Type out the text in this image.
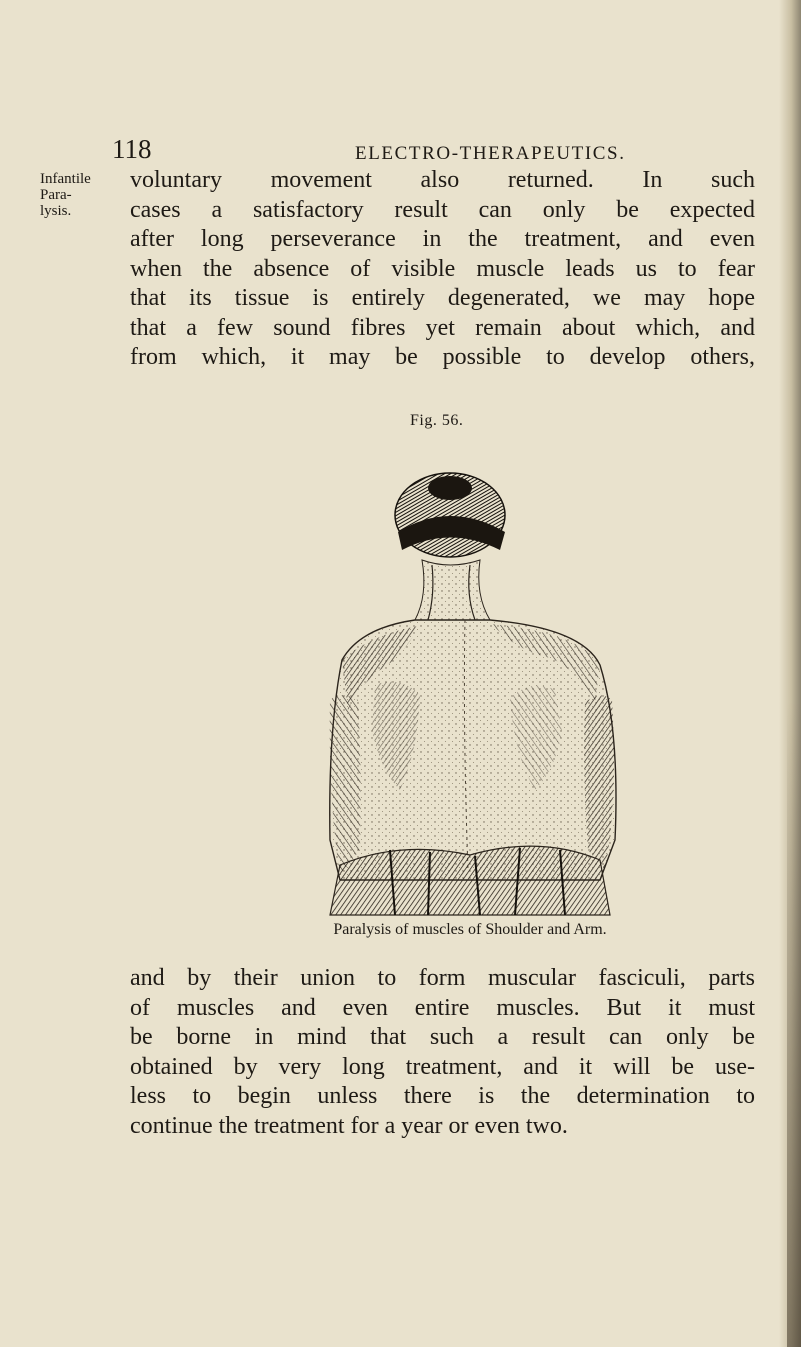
118	ELECTRO-THERAPEUTICS.
Infantile Para-
lysis.

voluntary movement also returned. In such
cases a satisfactory result can only be expected
after long perseverance in the treatment, and even
when the absence of visible muscle leads us to fear
that its tissue is entirely degenerated, we may hope
that a few sound fibres yet remain about which, and
from which, it may be possible to develop others,

Fig. 56.

Paralysis of muscles of Shoulder and Arm.

and by their union to form muscular fasciculi, parts
of muscles and even entire muscles. But it must
be borne in mind that such a result can only be
obtained by very long treatment, and it will be use-
less to begin unless there is the determination to
continue the treatment for a year or even two.
